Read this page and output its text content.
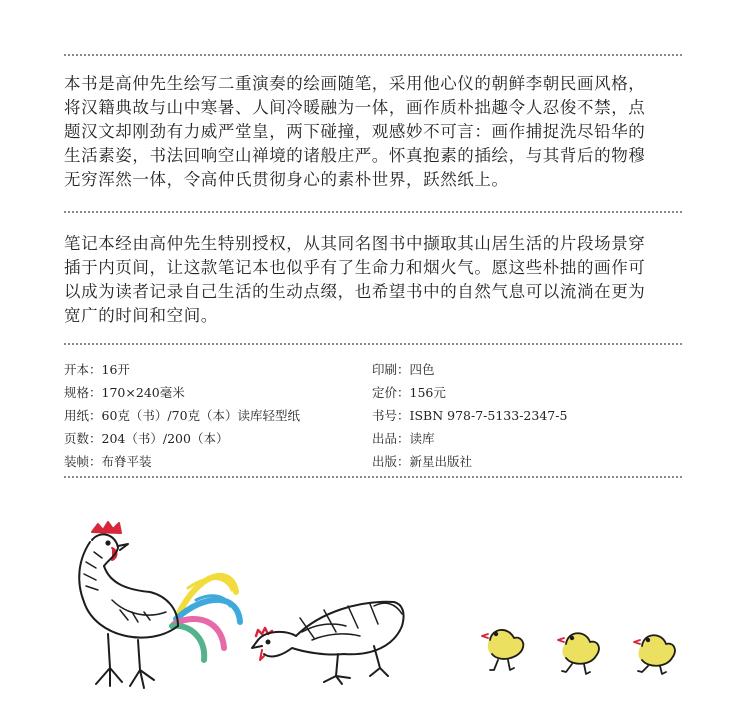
本书是高仲先生绘写二重演奏的绘画随笔，采用他心仪的朝鲜李朝民画风格，
将汉籍典故与山中寒暑、人间冷暖融为一体，画作质朴拙趣令人忍俊不禁，点
题汉文却刚劲有力威严堂皇，两下碰撞，观感妙不可言：画作捕捉洗尽铅华的
生活素姿，书法回响空山禅境的诸般庄严。怀真抱素的插绘，与其背后的物穆
无穷浑然一体，令高仲氏贯彻身心的素朴世界，跃然纸上。
笔记本经由高仲先生特别授权，从其同名图书中撷取其山居生活的片段场景穿
插于内页间，让这款笔记本也似乎有了生命力和烟火气。愿这些朴拙的画作可
以成为读者记录自己生活的生动点缀，也希望书中的自然气息可以流淌在更为
宽广的时间和空间。
开本 ： 16开
规格 ： 170×240毫米
用纸 ： 60克（书）/70克（本）读库轻型纸
页数 ： 204（书）/200（本）
装帧 ： 布脊平装
印刷 ： 四色
定价 ： 156元
书号 ： ISBN 978-7-5133-2347-5
出品 ： 读库
出版 ： 新星出版社
